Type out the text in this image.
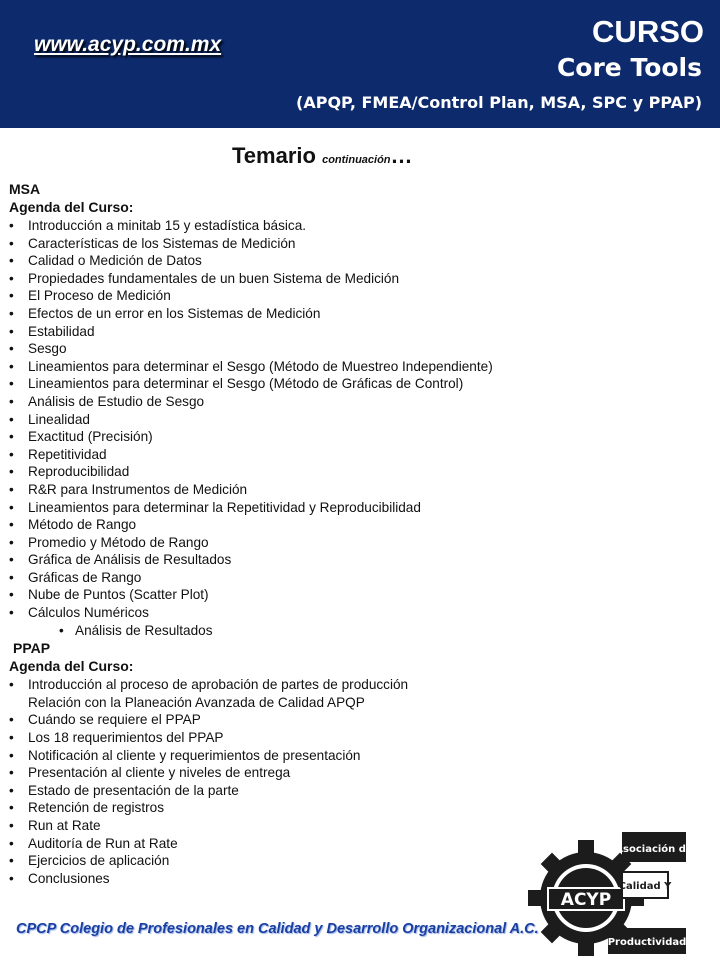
www.acyp.com.mx	CURSO
Core Tools
(APQP, FMEA/Control Plan, MSA, SPC y PPAP)
Temario continuación…
MSA
Agenda del Curso:
• Introducción a minitab 15 y estadística básica.
• Características de los Sistemas de Medición
• Calidad o Medición de Datos
• Propiedades fundamentales de un buen Sistema de Medición
• El Proceso de Medición
• Efectos de un error en los Sistemas de Medición
• Estabilidad
• Sesgo
• Lineamientos para determinar el Sesgo (Método de Muestreo Independiente)
• Lineamientos para determinar el Sesgo (Método de Gráficas de Control)
• Análisis de Estudio de Sesgo
• Linealidad
• Exactitud (Precisión)
• Repetitividad
• Reproducibilidad
• R&R para Instrumentos de Medición
• Lineamientos para determinar la Repetitividad y Reproducibilidad
• Método de Rango
• Promedio y Método de Rango
• Gráfica de Análisis de Resultados
• Gráficas de Rango
• Nube de Puntos (Scatter Plot)
• Cálculos Numéricos
• Análisis de Resultados
PPAP
Agenda del Curso:
• Introducción al proceso de aprobación de partes de producción
Relación con la Planeación Avanzada de Calidad APQP
• Cuándo se requiere el PPAP
• Los 18 requerimientos del PPAP
• Notificación al cliente y requerimientos de presentación
• Presentación al cliente y niveles de entrega
• Estado de presentación de la parte
• Retención de registros
• Run at Rate
• Auditoría de Run at Rate
• Ejercicios de aplicación
• Conclusiones
CPCP Colegio de Profesionales en Calidad y Desarrollo Organizacional A.C.
ACYP
Asociación de
Calidad Y
Productividad
